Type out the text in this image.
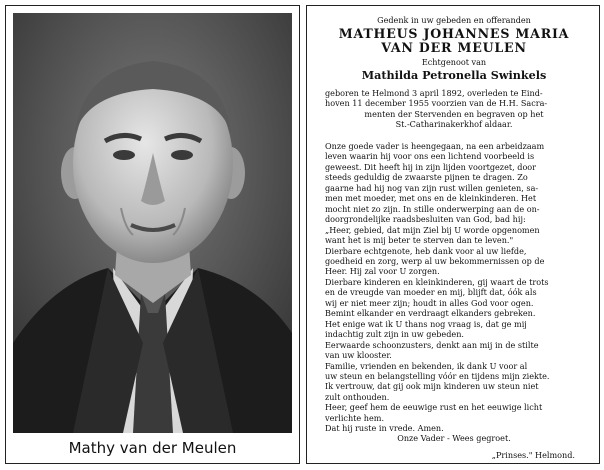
Mathy van der Meulen
Gedenk in uw gebeden en offeranden
MATHEUS JOHANNES MARIA
VAN DER MEULEN
Echtgenoot van
Mathilda Petronella Swinkels
geboren te Helmond 3 april 1892, overleden te Eind-
hoven 11 december 1955 voorzien van de H.H. Sacra-
menten der Stervenden en begraven op het
St.-Catharinakerkhof aldaar.
Onze goede vader is heengegaan, na een arbeidzaam
leven waarin hij voor ons een lichtend voorbeeld is
geweest. Dit heeft hij in zijn lijden voortgezet, door
steeds geduldig de zwaarste pijnen te dragen. Zo
gaarne had hij nog van zijn rust willen genieten, sa-
men met moeder, met ons en de kleinkinderen. Het
mocht niet zo zijn. In stille onderwerping aan de on-
doorgrondelijke raadsbesluiten van God, bad hij:
„Heer, gebied, dat mijn Ziel bij U worde opgenomen
want het is mij beter te sterven dan te leven."
Dierbare echtgenote, heb dank voor al uw liefde,
goedheid en zorg, werp al uw bekommernissen op de
Heer. Hij zal voor U zorgen.
Dierbare kinderen en kleinkinderen, gij waart de trots
en de vreugde van moeder en mij, blijft dat, óók als
wij er niet meer zijn; houdt in alles God voor ogen.
Bemint elkander en verdraagt elkanders gebreken.
Het enige wat ik U thans nog vraag is, dat ge mij
indachtig zult zijn in uw gebeden.
Eerwaarde schoonzusters, denkt aan mij in de stilte
van uw klooster.
Familie, vrienden en bekenden, ik dank U voor al
uw steun en belangstelling vóór en tijdens mijn ziekte.
Ik vertrouw, dat gij ook mijn kinderen uw steun niet
zult onthouden.
Heer, geef hem de eeuwige rust en het eeuwige licht
verlichte hem.
Dat hij ruste in vrede. Amen.
Onze Vader - Wees gegroet.
„Prinses." Helmond.
